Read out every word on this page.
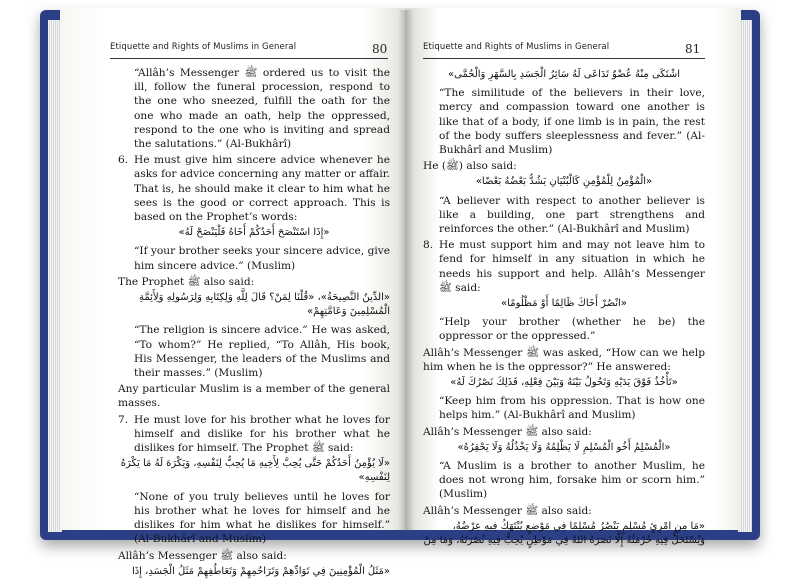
Etiquette and Rights of Muslims in General	80

“Allâh’s Messenger ﷺ ordered us to visit the ill, follow the funeral procession, respond to the one who sneezed, fulfill the oath for the one who made an oath, help the oppressed, respond to the one who is inviting and spread the salutations.” (Al-Bukhârî)

6. He must give him sincere advice whenever he asks for advice concerning any matter or affair. That is, he should make it clear to him what he sees is the good or correct approach. This is based on the Prophet’s words:

«إِذَا اسْتَنْصَحَ أَحَدُكُمْ أَخَاهُ فَلْيَنْصَحْ لَهُ»

“If your brother seeks your sincere advice, give him sincere advice.” (Muslim)

The Prophet ﷺ also said:

«الدِّينُ النَّصِيحَةُ»، «قُلْنَا لِمَنْ؟ قَالَ لِلَّهِ وَلِكِتَابِهِ وَلِرَسُولِهِ وَلِأَئِمَّةِ الْمُسْلِمِينَ وَعَامَّتِهِمْ»

“The religion is sincere advice.” He was asked, “To whom?” He replied, “To Allâh, His book, His Messenger, the leaders of the Muslims and their masses.” (Muslim)

Any particular Muslim is a member of the general masses.

7. He must love for his brother what he loves for himself and dislike for his brother what he dislikes for himself. The Prophet ﷺ said:

«لَا يُؤْمِنُ أَحَدُكُمْ حَتَّى يُحِبَّ لِأَخِيهِ مَا يُحِبُّ لِنَفْسِهِ، وَيَكْرَهَ لَهُ مَا يَكْرَهُ لِنَفْسِهِ»

“None of you truly believes until he loves for his brother what he loves for himself and he dislikes for him what he dislikes for himself.” (Al-Bukhârî and Muslim)

Allâh’s Messenger ﷺ also said:

«مَثَلُ الْمُؤْمِنِينَ فِي تَوَادِّهِمْ وَتَرَاحُمِهِمْ وَتَعَاطُفِهِمْ مَثَلُ الْجَسَدِ، إِذَا
Etiquette and Rights of Muslims in General	81
اشْتَكَى مِنْهُ عُضْوٌ تَدَاعَى لَهُ سَائِرُ الْجَسَدِ بِالسَّهَرِ وَالْحُمَّى»

“The similitude of the believers in their love, mercy and compassion toward one another is like that of a body, if one limb is in pain, the rest of the body suffers sleeplessness and fever.” (Al-Bukhârî and Muslim)

He (ﷺ) also said:

«الْمُؤْمِنُ لِلْمُؤْمِنِ كَالْبُنْيَانِ يَشُدُّ بَعْضُهُ بَعْضًا»

“A believer with respect to another believer is like a building, one part strengthens and reinforces the other.” (Al-Bukhârî and Muslim)

8. He must support him and may not leave him to fend for himself in any situation in which he needs his support and help. Allâh’s Messenger ﷺ said:

«انْصُرْ أَخَاكَ ظَالِمًا أَوْ مَظْلُومًا»

“Help your brother (whether he be) the oppressor or the oppressed.”

Allâh’s Messenger ﷺ was asked, “How can we help him when he is the oppressor?” He answered:

«تَأْخُذُ فَوْقَ يَدَيْهِ وَتَحُولُ بَيْنَهُ وَبَيْنَ فِعْلِهِ، فَذَلِكَ نَصْرُكَ لَهُ»

“Keep him from his oppression. That is how one helps him.” (Al-Bukhârî and Muslim)

Allâh’s Messenger ﷺ also said:

«الْمُسْلِمُ أَخُو الْمُسْلِمِ لَا يَظْلِمُهُ وَلَا يَخْذُلُهُ وَلَا يَحْقِرُهُ»

“A Muslim is a brother to another Muslim, he does not wrong him, forsake him or scorn him.” (Muslim)

Allâh’s Messenger ﷺ also said:

«مَا مِنِ امْرِئٍ مُسْلِمٍ يَنْصُرُ مُسْلِمًا فِي مَوْضِعٍ يُنْتَهَكُ فِيهِ عِرْضُهُ، وَيُسْتَحَلُّ فِيهِ حُرْمَتُهُ إِلَّا نَصَرَهُ اللهُ فِي مَوْطِنٍ يُحِبُّ فِيهِ نُصْرَتَهُ، وَمَا مِنْ
